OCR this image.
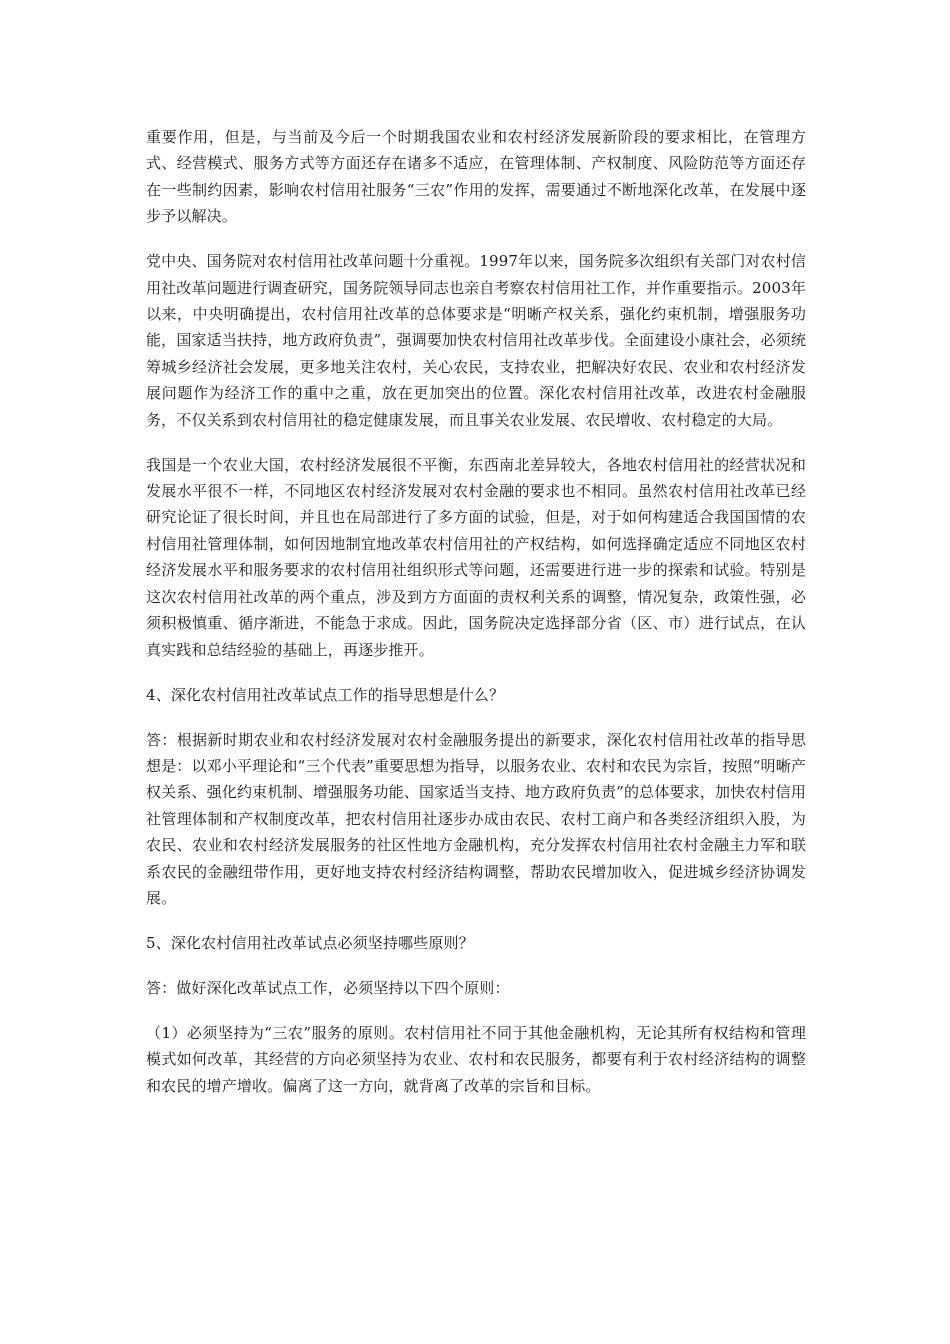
重要作用，但是，与当前及今后一个时期我国农业和农村经济发展新阶段的要求相比，在管理方式、经营模式、服务方式等方面还存在诸多不适应，在管理体制、产权制度、风险防范等方面还存在一些制约因素，影响农村信用社服务“三农”作用的发挥，需要通过不断地深化改革，在发展中逐步予以解决。

党中央、国务院对农村信用社改革问题十分重视。1997年以来，国务院多次组织有关部门对农村信用社改革问题进行调查研究，国务院领导同志也亲自考察农村信用社工作，并作重要指示。2003年以来，中央明确提出，农村信用社改革的总体要求是“明晰产权关系，强化约束机制，增强服务功能，国家适当扶持，地方政府负责”，强调要加快农村信用社改革步伐。全面建设小康社会，必须统筹城乡经济社会发展，更多地关注农村，关心农民，支持农业，把解决好农民、农业和农村经济发展问题作为经济工作的重中之重，放在更加突出的位置。深化农村信用社改革，改进农村金融服务，不仅关系到农村信用社的稳定健康发展，而且事关农业发展、农民增收、农村稳定的大局。

我国是一个农业大国，农村经济发展很不平衡，东西南北差异较大，各地农村信用社的经营状况和发展水平很不一样，不同地区农村经济发展对农村金融的要求也不相同。虽然农村信用社改革已经研究论证了很长时间，并且也在局部进行了多方面的试验，但是，对于如何构建适合我国国情的农村信用社管理体制，如何因地制宜地改革农村信用社的产权结构，如何选择确定适应不同地区农村经济发展水平和服务要求的农村信用社组织形式等问题，还需要进行进一步的探索和试验。特别是这次农村信用社改革的两个重点，涉及到方方面面的责权利关系的调整，情况复杂，政策性强，必须积极慎重、循序渐进，不能急于求成。因此，国务院决定选择部分省（区、市）进行试点，在认真实践和总结经验的基础上，再逐步推开。

4、深化农村信用社改革试点工作的指导思想是什么？

答：根据新时期农业和农村经济发展对农村金融服务提出的新要求，深化农村信用社改革的指导思想是：以邓小平理论和“三个代表”重要思想为指导，以服务农业、农村和农民为宗旨，按照“明晰产权关系、强化约束机制、增强服务功能、国家适当支持、地方政府负责”的总体要求，加快农村信用社管理体制和产权制度改革，把农村信用社逐步办成由农民、农村工商户和各类经济组织入股，为农民、农业和农村经济发展服务的社区性地方金融机构，充分发挥农村信用社农村金融主力军和联系农民的金融纽带作用，更好地支持农村经济结构调整，帮助农民增加收入，促进城乡经济协调发展。

5、深化农村信用社改革试点必须坚持哪些原则？

答：做好深化改革试点工作，必须坚持以下四个原则：

（1）必须坚持为“三农”服务的原则。农村信用社不同于其他金融机构，无论其所有权结构和管理模式如何改革，其经营的方向必须坚持为农业、农村和农民服务，都要有利于农村经济结构的调整和农民的增产增收。偏离了这一方向，就背离了改革的宗旨和目标。
